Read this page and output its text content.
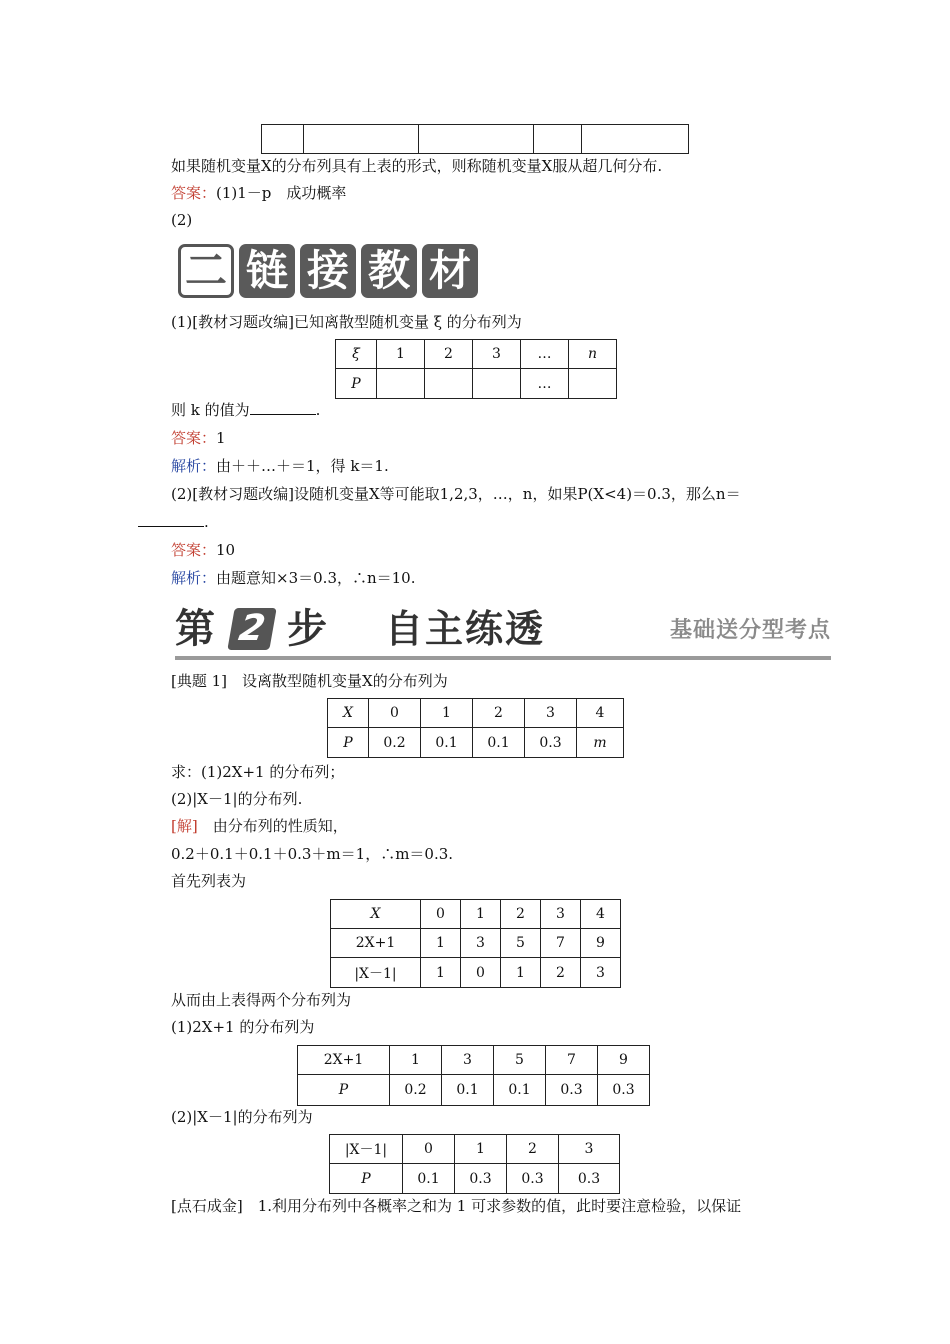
如果随机变量X的分布列具有上表的形式，则称随机变量X服从超几何分布.
答案：(1)1－p　成功概率
(2)
二 链 接 教 材
(1)[教材习题改编]已知离散型随机变量 ξ 的分布列为
ξ	1	2	3	…	n
P				…	
则 k 的值为	.
答案：1
解析：由＋＋…＋＝1，得 k＝1.
(2)[教材习题改编]设随机变量X等可能取1,2,3，…，n，如果P(X<4)＝0.3，那么n＝
.
答案：10
解析：由题意知×3＝0.3，∴n＝10.
第 2 步 自主练透	基础送分型考点
[典题 1]　设离散型随机变量X的分布列为
X	0	1	2	3	4
P	0.2	0.1	0.1	0.3	m
求：(1)2X+1 的分布列；
(2)|X－1|的分布列.
[解]　由分布列的性质知，
0.2＋0.1＋0.1＋0.3＋m＝1，∴m＝0.3.
首先列表为
X	0	1	2	3	4
2X+1	1	3	5	7	9
|X－1|	1	0	1	2	3
从而由上表得两个分布列为
(1)2X+1 的分布列为
2X+1	1	3	5	7	9
P	0.2	0.1	0.1	0.3	0.3
(2)|X－1|的分布列为
|X－1|	0	1	2	3
P	0.1	0.3	0.3	0.3
[点石成金]　1.利用分布列中各概率之和为 1 可求参数的值，此时要注意检验，以保证
